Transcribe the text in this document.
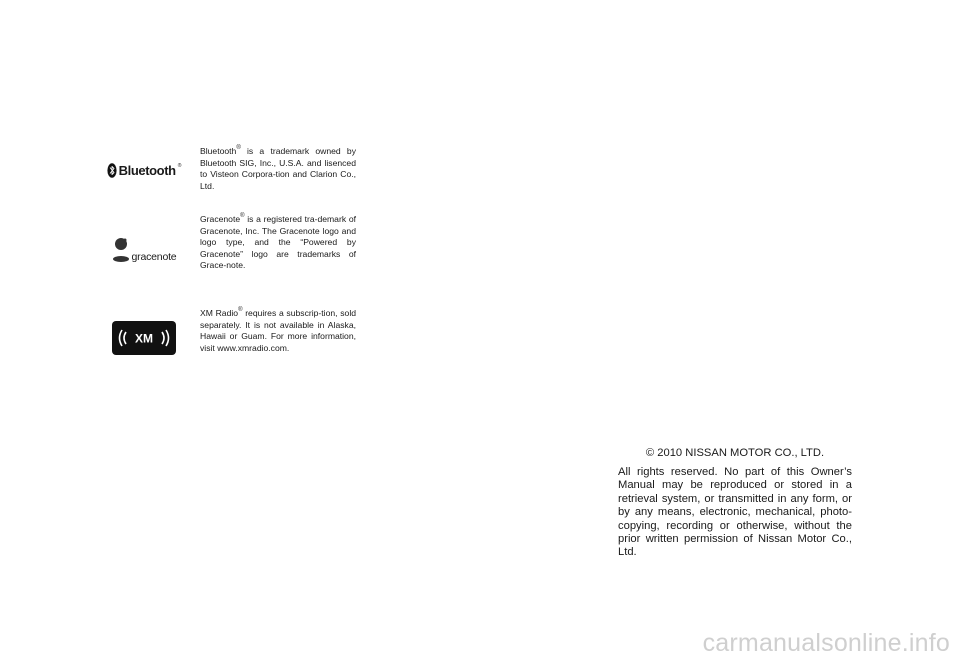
Bluetooth ®
Bluetooth® is a trademark owned by Bluetooth SIG, Inc., U.S.A. and lisenced to Visteon Corpora-tion and Clarion Co., Ltd.
gracenote
Gracenote® is a registered tra-demark of Gracenote, Inc. The Gracenote logo and logo type, and the “Powered by Gracenote” logo are trademarks of Grace-note.
XM
XM Radio® requires a subscrip-tion, sold separately. It is not available in Alaska, Hawaii or Guam. For more information, visit www.xmradio.com.
© 2010 NISSAN MOTOR CO., LTD.
All rights reserved. No part of this Owner’s Manual may be reproduced or stored in a retrieval system, or transmitted in any form, or by any means, electronic, mechanical, photo-copying, recording or otherwise, without the prior written permission of Nissan Motor Co., Ltd.
carmanualsonline.info
